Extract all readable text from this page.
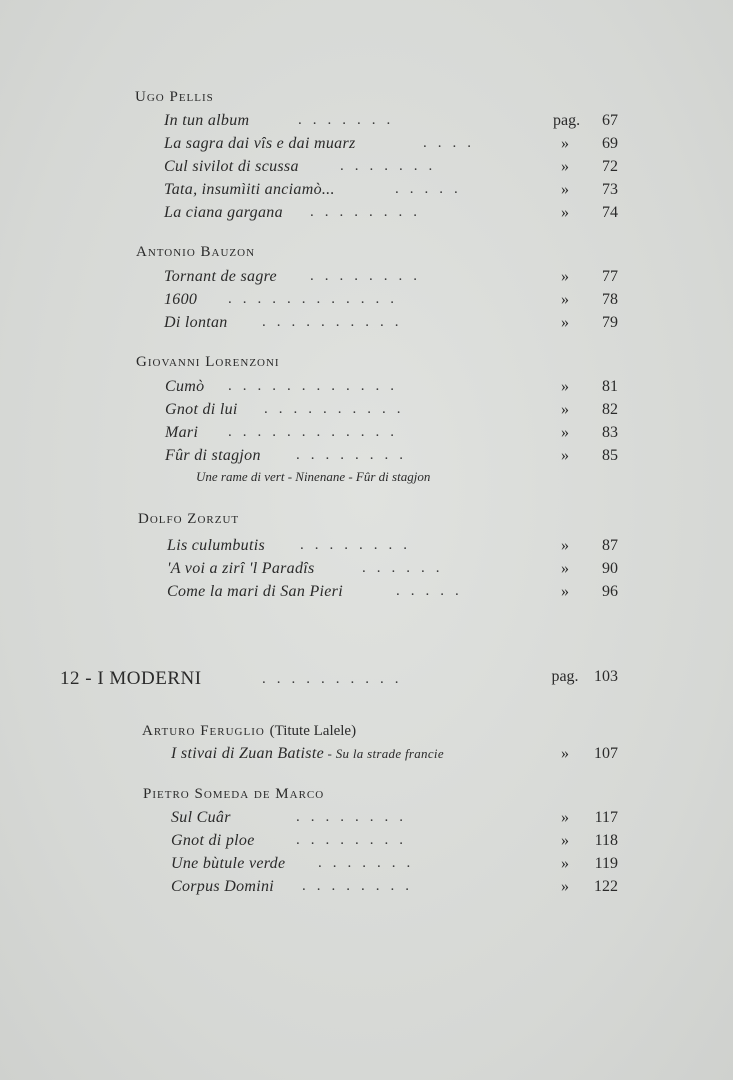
Ugo Pellis
In tun album	.......	pag.	67
La sagra dai vîs e dai muarz	....	»	69
Cul sivilot di scussa	.......	»	72
Tata, insumìiti anciamò...	.....	»	73
La ciana gargana ........	»	74
Antonio Bauzon
Tornant de sagre ........	»	77
1600 ............	»	78
Di lontan ..........	»	79
Giovanni Lorenzoni
Cumò ............	»	81
Gnot di lui ..........	»	82
Mari ............	»	83
Fûr di stagjon ........	»	85
Une rame di vert - Ninenane - Fûr di stagjon
Dolfo Zorzut
Lis culumbutis ........	»	87
'A voi a zirî 'l Paradîs	......	»	90
Come la mari di San Pieri	.....	»	96
12 - I MODERNI	..........	pag. 103
Arturo Feruglio (Titute Lalele)
I stivai di Zuan Batiste - Su la strade francie	»	107
Pietro Someda de Marco
Sul Cuâr	........	»	117
Gnot di ploe	........	»	118
Une bùtule verde .......	»	119
Corpus Domini ........	»	122
